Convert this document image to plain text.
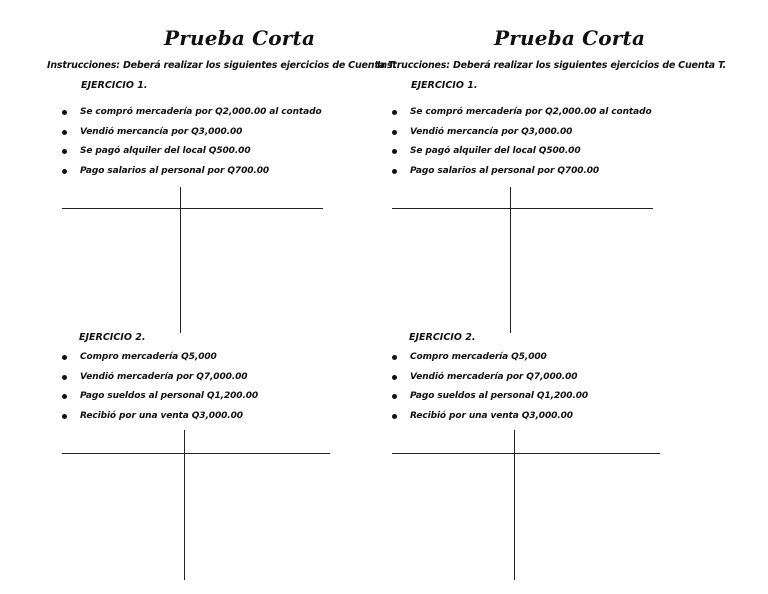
Prueba Corta
Instrucciones: Deberá realizar los siguientes ejercicios de Cuenta T.
EJERCICIO 1.
Se compró mercadería por Q2,000.00 al contado
Vendió mercancía por Q3,000.00
Se pagó alquiler del local Q500.00
Pago salarios al personal por Q700.00
EJERCICIO 2.
Compro mercadería Q5,000
Vendió mercadería por Q7,000.00
Pago sueldos al personal Q1,200.00
Recibió por una venta Q3,000.00
Prueba Corta
Instrucciones: Deberá realizar los siguientes ejercicios de Cuenta T.
EJERCICIO 1.
Se compró mercadería por Q2,000.00 al contado
Vendió mercancía por Q3,000.00
Se pagó alquiler del local Q500.00
Pago salarios al personal por Q700.00
EJERCICIO 2.
Compro mercadería Q5,000
Vendió mercadería por Q7,000.00
Pago sueldos al personal Q1,200.00
Recibió por una venta Q3,000.00
